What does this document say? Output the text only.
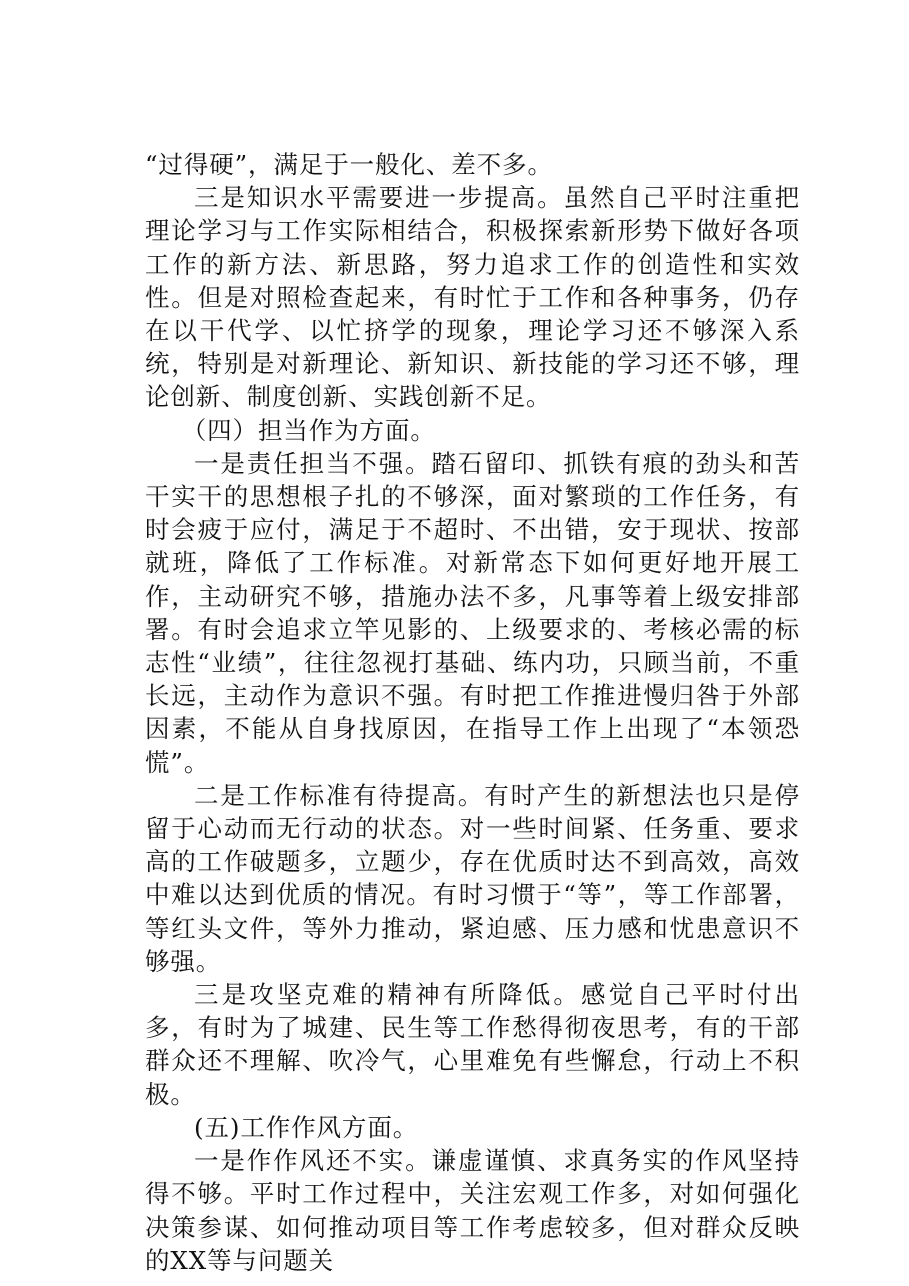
“过得硬”，满足于一般化、差不多。

三是知识水平需要进一步提高。虽然自己平时注重把理论学习与工作实际相结合，积极探索新形势下做好各项工作的新方法、新思路，努力追求工作的创造性和实效性。但是对照检查起来，有时忙于工作和各种事务，仍存在以干代学、以忙挤学的现象，理论学习还不够深入系统，特别是对新理论、新知识、新技能的学习还不够，理论创新、制度创新、实践创新不足。

（四）担当作为方面。

一是责任担当不强。踏石留印、抓铁有痕的劲头和苦干实干的思想根子扎的不够深，面对繁琐的工作任务，有时会疲于应付，满足于不超时、不出错，安于现状、按部就班，降低了工作标准。对新常态下如何更好地开展工作，主动研究不够，措施办法不多，凡事等着上级安排部署。有时会追求立竿见影的、上级要求的、考核必需的标志性“业绩”，往往忽视打基础、练内功，只顾当前，不重长远，主动作为意识不强。有时把工作推进慢归咎于外部因素，不能从自身找原因，在指导工作上出现了“本领恐慌”。

二是工作标准有待提高。有时产生的新想法也只是停留于心动而无行动的状态。对一些时间紧、任务重、要求高的工作破题多，立题少，存在优质时达不到高效，高效中难以达到优质的情况。有时习惯于“等”，等工作部署，等红头文件，等外力推动，紧迫感、压力感和忧患意识不够强。

三是攻坚克难的精神有所降低。感觉自己平时付出多，有时为了城建、民生等工作愁得彻夜思考，有的干部群众还不理解、吹冷气，心里难免有些懈怠，行动上不积极。

(五)工作作风方面。

一是作作风还不实。谦虚谨慎、求真务实的作风坚持得不够。平时工作过程中，关注宏观工作多，对如何强化决策参谋、如何推动项目等工作考虑较多，但对群众反映的XX等与问题关
